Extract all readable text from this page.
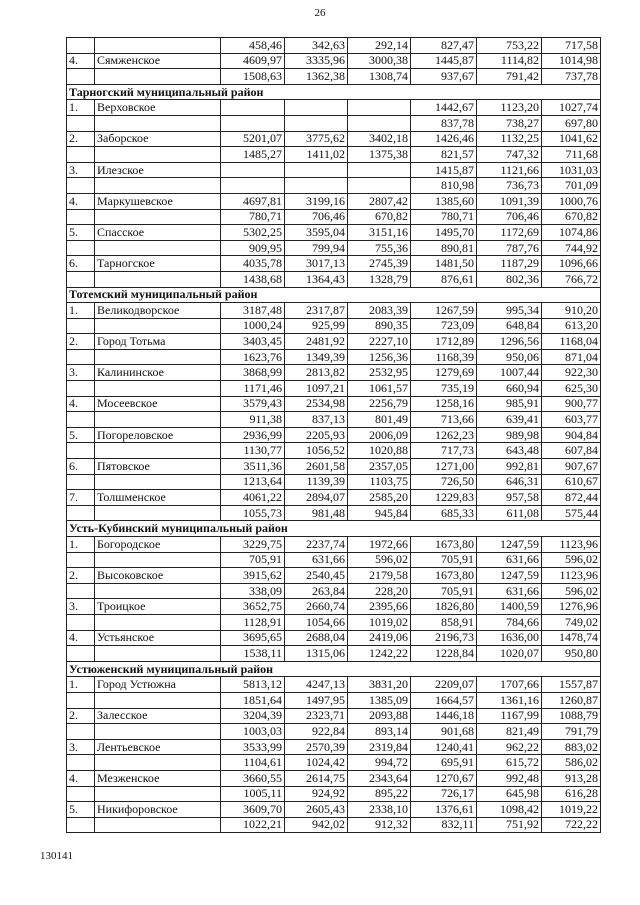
26
		458,46	342,63	292,14	827,47	753,22	717,58
4.	Сямженское	4609,97	3335,96	3000,38	1445,87	1114,82	1014,98
		1508,63	1362,38	1308,74	937,67	791,42	737,78
Тарногский муниципальный район							
1.	Верховское				1442,67	1123,20	1027,74
					837,78	738,27	697,80
2.	Заборское	5201,07	3775,62	3402,18	1426,46	1132,25	1041,62
		1485,27	1411,02	1375,38	821,57	747,32	711,68
3.	Илезское				1415,87	1121,66	1031,03
					810,98	736,73	701,09
4.	Маркушевское	4697,81	3199,16	2807,42	1385,60	1091,39	1000,76
		780,71	706,46	670,82	780,71	706,46	670,82
5.	Спасское	5302,25	3595,04	3151,16	1495,70	1172,69	1074,86
		909,95	799,94	755,36	890,81	787,76	744,92
6.	Тарногское	4035,78	3017,13	2745,39	1481,50	1187,29	1096,66
		1438,68	1364,43	1328,79	876,61	802,36	766,72
Тотемский муниципальный район							
1.	Великодворское	3187,48	2317,87	2083,39	1267,59	995,34	910,20
		1000,24	925,99	890,35	723,09	648,84	613,20
2.	Город Тотьма	3403,45	2481,92	2227,10	1712,89	1296,56	1168,04
		1623,76	1349,39	1256,36	1168,39	950,06	871,04
3.	Калининское	3868,99	2813,82	2532,95	1279,69	1007,44	922,30
		1171,46	1097,21	1061,57	735,19	660,94	625,30
4.	Мосеевское	3579,43	2534,98	2256,79	1258,16	985,91	900,77
		911,38	837,13	801,49	713,66	639,41	603,77
5.	Погореловское	2936,99	2205,93	2006,09	1262,23	989,98	904,84
		1130,77	1056,52	1020,88	717,73	643,48	607,84
6.	Пятовское	3511,36	2601,58	2357,05	1271,00	992,81	907,67
		1213,64	1139,39	1103,75	726,50	646,31	610,67
7.	Толшменское	4061,22	2894,07	2585,20	1229,83	957,58	872,44
		1055,73	981,48	945,84	685,33	611,08	575,44
Усть-Кубинский муниципальный район							
1.	Богородское	3229,75	2237,74	1972,66	1673,80	1247,59	1123,96
		705,91	631,66	596,02	705,91	631,66	596,02
2.	Высоковское	3915,62	2540,45	2179,58	1673,80	1247,59	1123,96
		338,09	263,84	228,20	705,91	631,66	596,02
3.	Троицкое	3652,75	2660,74	2395,66	1826,80	1400,59	1276,96
		1128,91	1054,66	1019,02	858,91	784,66	749,02
4.	Устьянское	3695,65	2688,04	2419,06	2196,73	1636,00	1478,74
		1538,11	1315,06	1242,22	1228,84	1020,07	950,80
Устюженский муниципальный район							
1.	Город Устюжна	5813,12	4247,13	3831,20	2209,07	1707,66	1557,87
		1851,64	1497,95	1385,09	1664,57	1361,16	1260,87
2.	Залесское	3204,39	2323,71	2093,88	1446,18	1167,99	1088,79
		1003,03	922,84	893,14	901,68	821,49	791,79
3.	Лентьевское	3533,99	2570,39	2319,84	1240,41	962,22	883,02
		1104,61	1024,42	994,72	695,91	615,72	586,02
4.	Мезженское	3660,55	2614,75	2343,64	1270,67	992,48	913,28
		1005,11	924,92	895,22	726,17	645,98	616,28
5.	Никифоровское	3609,70	2605,43	2338,10	1376,61	1098,42	1019,22
		1022,21	942,02	912,32	832,11	751,92	722,22
130141
